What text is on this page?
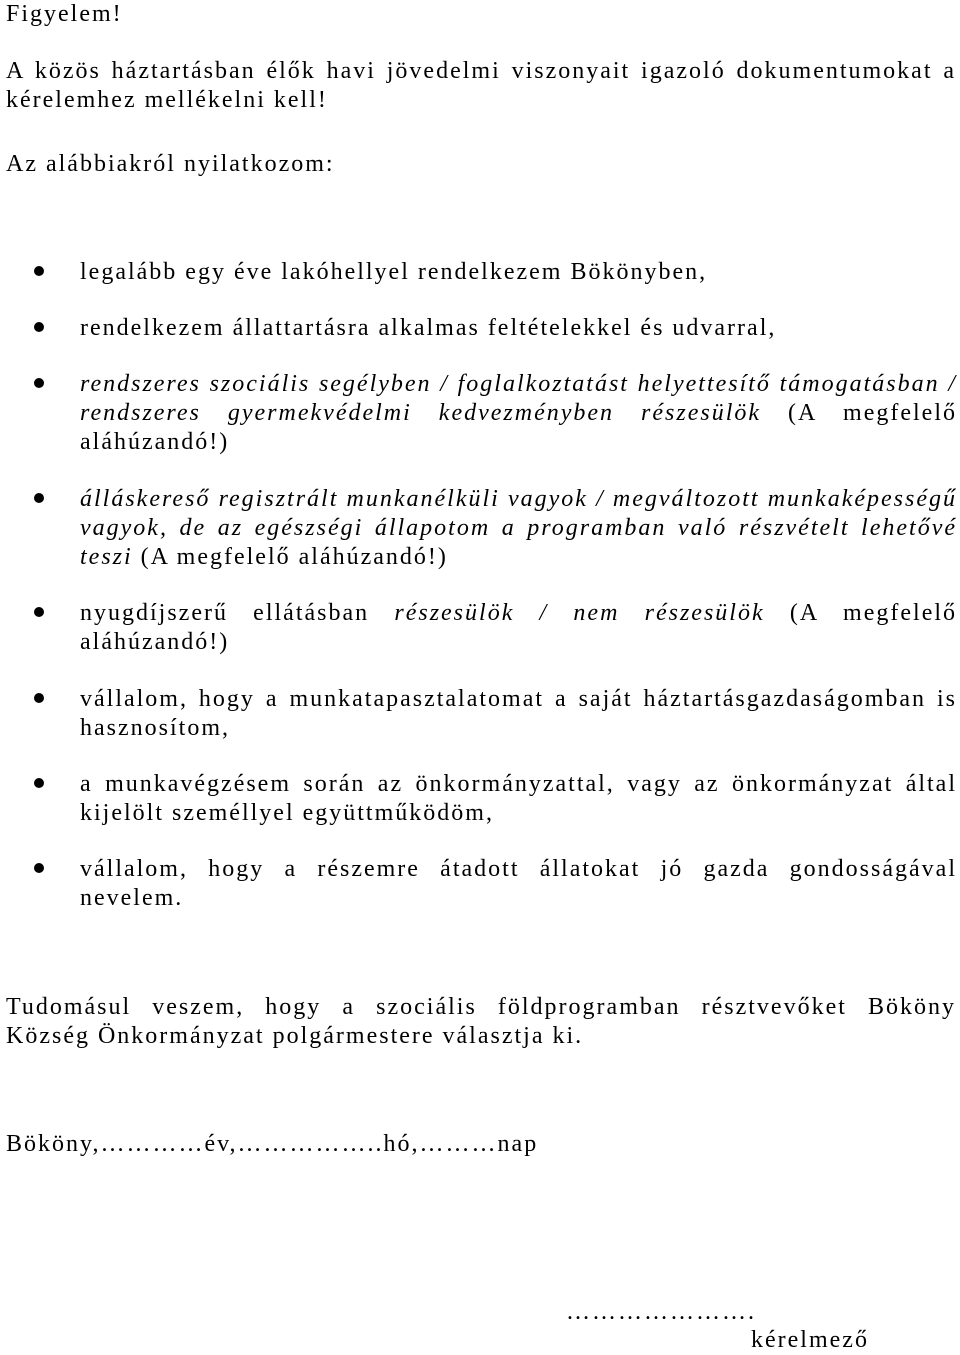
Figyelem!
A közös háztartásban élők havi jövedelmi viszonyait igazoló dokumentumokat a kérelemhez mellékelni kell!
Az alábbiakról nyilatkozom:
legalább egy éve lakóhellyel rendelkezem Bökönyben,
rendelkezem állattartásra alkalmas feltételekkel és udvarral,
rendszeres szociális segélyben / foglalkoztatást helyettesítő támogatásban / rendszeres gyermekvédelmi kedvezményben részesülök (A megfelelő aláhúzandó!)
álláskereső regisztrált munkanélküli vagyok / megváltozott munkaképességű vagyok, de az egészségi állapotom a programban való részvételt lehetővé teszi (A megfelelő aláhúzandó!)
nyugdíjszerű ellátásban részesülök / nem részesülök (A megfelelő aláhúzandó!)
vállalom, hogy a munkatapasztalatomat a saját háztartásgazdaságomban is hasznosítom,
a munkavégzésem során az önkormányzattal, vagy az önkormányzat által kijelölt személlyel együttműködöm,
vállalom, hogy a részemre átadott állatokat jó gazda gondosságával nevelem.
Tudomásul veszem, hogy a szociális földprogramban résztvevőket Bököny Község Önkormányzat polgármestere választja ki.
Bököny,…………év,……………..hó,………nap
………………….
kérelmező
